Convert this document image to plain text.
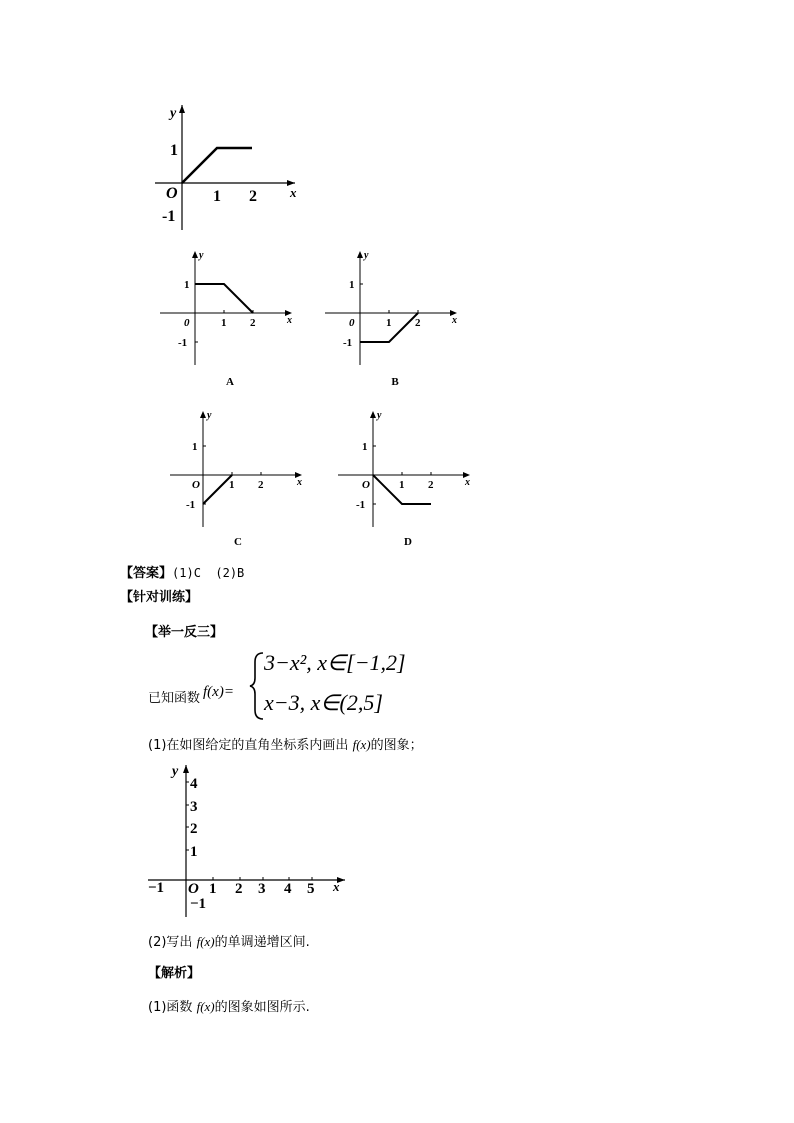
y
x
O 1 2
1
-1
y
x
0	1 2
1
-1
A
y
x
0	1 2
1
-1
B
y
x
O	1 2
1
-1
C
y
x
O	1 2
1
-1
D
【答案】(1)C  (2)B
【针对训练】
【举一反三】
已知函数 f(x)=
3−x², x∈[−1,2]
x−3, x∈(2,5]
(1)在如图给定的直角坐标系内画出 f(x)的图象；
y
x
O
−1	1 2 3 4 5
4
3
2
1
−1
(2)写出 f(x)的单调递增区间.
【解析】
(1)函数 f(x)的图象如图所示.
